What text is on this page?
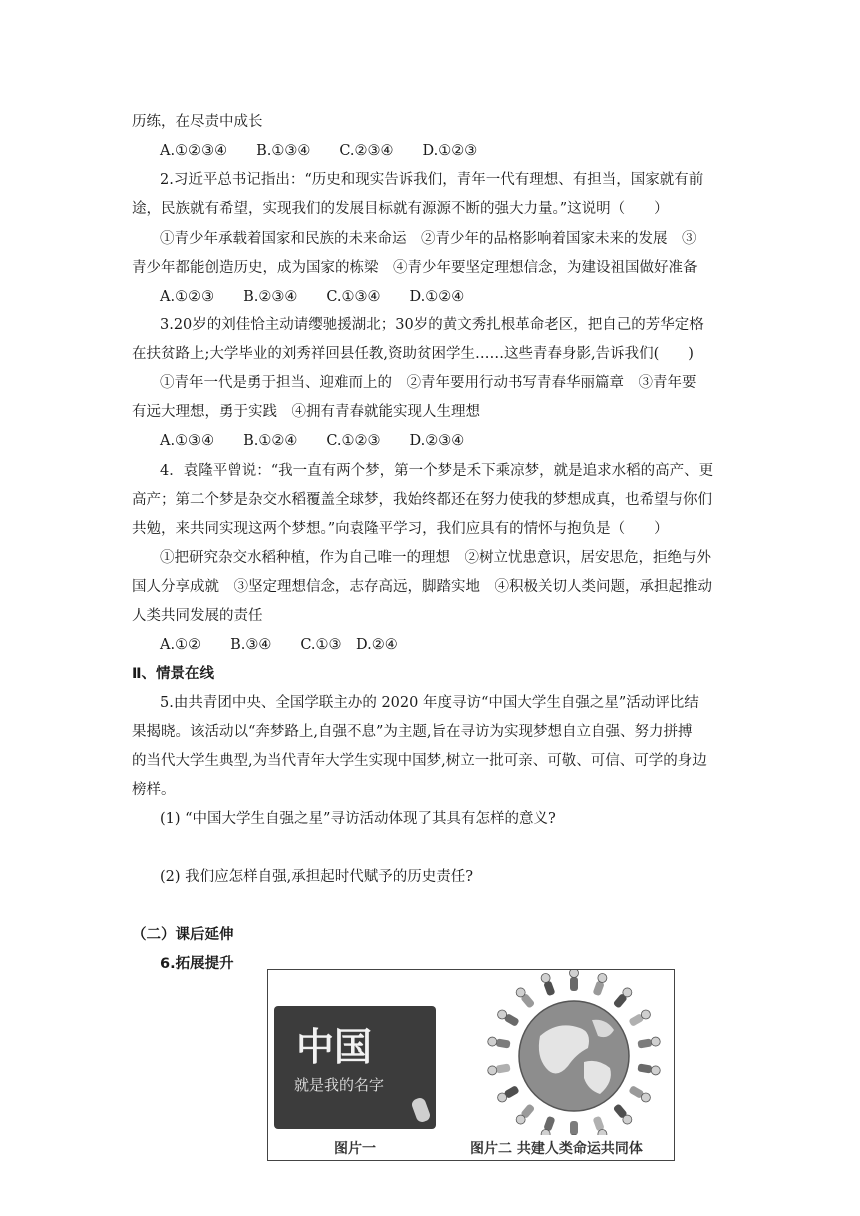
历练，在尽责中成长
A.①②③④　　B.①③④　　C.②③④　　D.①②③
2.习近平总书记指出：“历史和现实告诉我们，青年一代有理想、有担当，国家就有前
途，民族就有希望，实现我们的发展目标就有源源不断的强大力量。”这说明（　　）
①青少年承载着国家和民族的未来命运　②青少年的品格影响着国家未来的发展　③
青少年都能创造历史，成为国家的栋梁　④青少年要坚定理想信念，为建设祖国做好准备
A.①②③　　B.②③④　　C.①③④　　D.①②④
3.20岁的刘佳恰主动请缨驰援湖北；30岁的黄文秀扎根革命老区，把自己的芳华定格
在扶贫路上;大学毕业的刘秀祥回县任教,资助贫困学生……这些青春身影,告诉我们(　　)
①青年一代是勇于担当、迎难而上的　②青年要用行动书写青春华丽篇章　③青年要
有远大理想，勇于实践　④拥有青春就能实现人生理想
A.①③④　　B.①②④　　C.①②③　　D.②③④
4．袁隆平曾说：“我一直有两个梦，第一个梦是禾下乘凉梦，就是追求水稻的高产、更
高产；第二个梦是杂交水稻覆盖全球梦，我始终都还在努力使我的梦想成真，也希望与你们
共勉，来共同实现这两个梦想。”向袁隆平学习，我们应具有的情怀与抱负是（　　）
①把研究杂交水稻种植，作为自己唯一的理想　②树立忧患意识，居安思危，拒绝与外
国人分享成就　③坚定理想信念，志存高远，脚踏实地　④积极关切人类问题，承担起推动
人类共同发展的责任
A.①②　　B.③④　　C.①③　D.②④
Ⅱ、情景在线
5.由共青团中央、全国学联主办的 2020 年度寻访“中国大学生自强之星”活动评比结
果揭晓。该活动以“奔梦路上,自强不息”为主题,旨在寻访为实现梦想自立自强、努力拼搏
的当代大学生典型,为当代青年大学生实现中国梦,树立一批可亲、可敬、可信、可学的身边
榜样。
(1) “中国大学生自强之星”寻访活动体现了其具有怎样的意义?
(2) 我们应怎样自强,承担起时代赋予的历史责任?
（二）课后延伸
6.拓展提升
中国
就是我的名字
图片一	图片二 共建人类命运共同体
